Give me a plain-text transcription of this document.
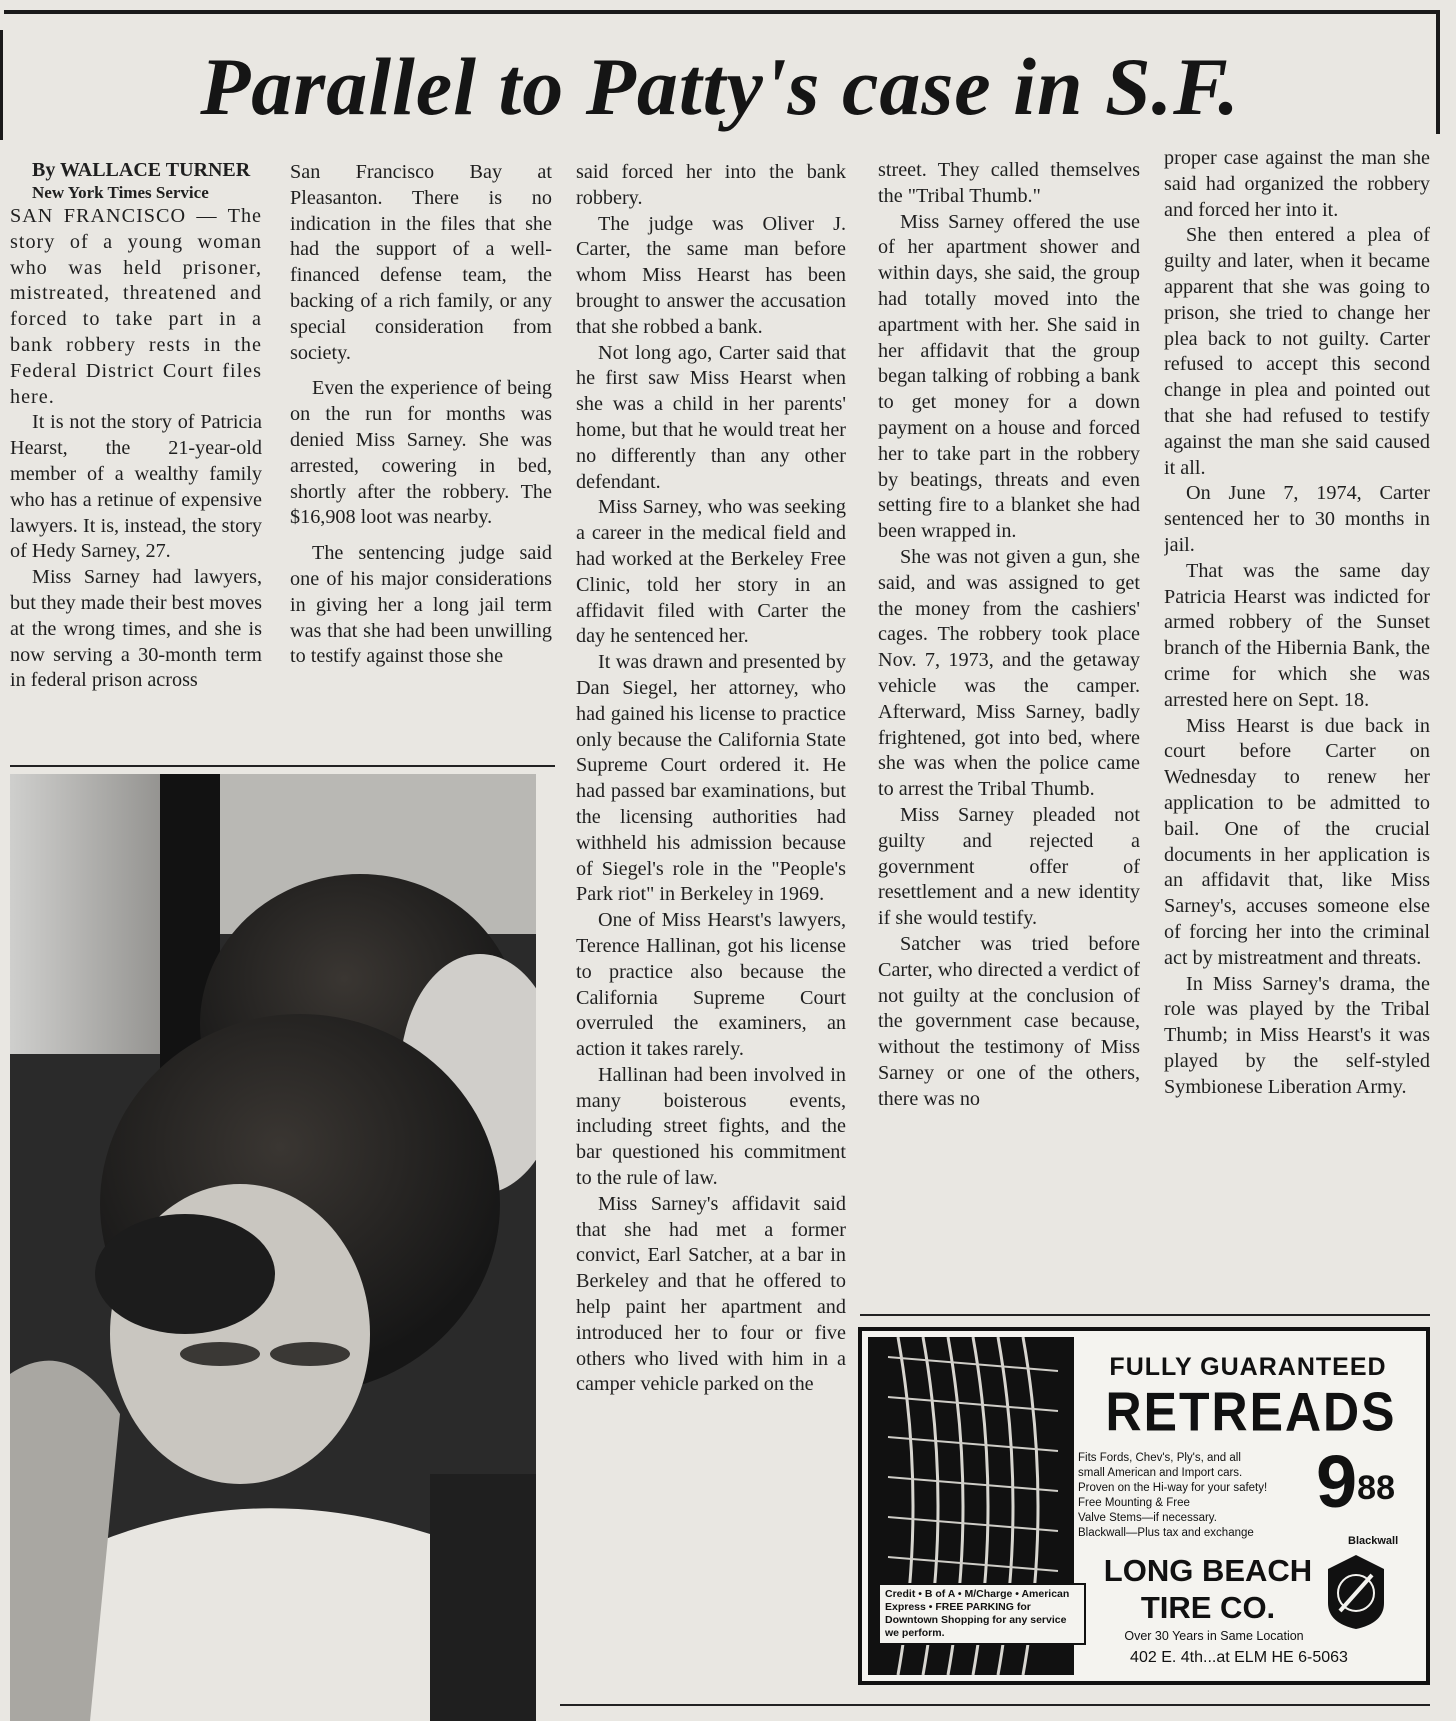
Parallel to Patty's case in S.F.

By WALLACE TURNER

New York Times Service

SAN FRANCISCO — The story of a young woman who was held prisoner, mistreated, threatened and forced to take part in a bank robbery rests in the Federal District Court files here.

It is not the story of Patricia Hearst, the 21-year-old member of a wealthy family who has a retinue of expensive lawyers. It is, instead, the story of Hedy Sarney, 27.

Miss Sarney had lawyers, but they made their best moves at the wrong times, and she is now serving a 30-month term in federal prison across

San Francisco Bay at Pleasanton. There is no indication in the files that she had the support of a well-financed defense team, the backing of a rich family, or any special consideration from society.

Even the experience of being on the run for months was denied Miss Sarney. She was arrested, cowering in bed, shortly after the robbery. The $16,908 loot was nearby.

The sentencing judge said one of his major considerations in giving her a long jail term was that she had been unwilling to testify against those she

said forced her into the bank robbery.

The judge was Oliver J. Carter, the same man before whom Miss Hearst has been brought to answer the accusation that she robbed a bank.

Not long ago, Carter said that he first saw Miss Hearst when she was a child in her parents' home, but that he would treat her no differently than any other defendant.

Miss Sarney, who was seeking a career in the medical field and had worked at the Berkeley Free Clinic, told her story in an affidavit filed with Carter the day he sentenced her.

It was drawn and presented by Dan Siegel, her attorney, who had gained his license to practice only because the California State Supreme Court ordered it. He had passed bar examinations, but the licensing authorities had withheld his admission because of Siegel's role in the "People's Park riot" in Berkeley in 1969.

One of Miss Hearst's lawyers, Terence Hallinan, got his license to practice also because the California Supreme Court overruled the examiners, an action it takes rarely.

Hallinan had been involved in many boisterous events, including street fights, and the bar questioned his commitment to the rule of law.

Miss Sarney's affidavit said that she had met a former convict, Earl Satcher, at a bar in Berkeley and that he offered to help paint her apartment and introduced her to four or five others who lived with him in a camper vehicle parked on the

street. They called themselves the "Tribal Thumb."

Miss Sarney offered the use of her apartment shower and within days, she said, the group had totally moved into the apartment with her. She said in her affidavit that the group began talking of robbing a bank to get money for a down payment on a house and forced her to take part in the robbery by beatings, threats and even setting fire to a blanket she had been wrapped in.

She was not given a gun, she said, and was assigned to get the money from the cashiers' cages. The robbery took place Nov. 7, 1973, and the getaway vehicle was the camper. Afterward, Miss Sarney, badly frightened, got into bed, where she was when the police came to arrest the Tribal Thumb.

Miss Sarney pleaded not guilty and rejected a government offer of resettlement and a new identity if she would testify.

Satcher was tried before Carter, who directed a verdict of not guilty at the conclusion of the government case because, without the testimony of Miss Sarney or one of the others, there was no

proper case against the man she said had organized the robbery and forced her into it.

She then entered a plea of guilty and later, when it became apparent that she was going to prison, she tried to change her plea back to not guilty. Carter refused to accept this second change in plea and pointed out that she had refused to testify against the man she said caused it all.

On June 7, 1974, Carter sentenced her to 30 months in jail.

That was the same day Patricia Hearst was indicted for armed robbery of the Sunset branch of the Hibernia Bank, the crime for which she was arrested here on Sept. 18.

Miss Hearst is due back in court before Carter on Wednesday to renew her application to be admitted to bail. One of the crucial documents in her application is an affidavit that, like Miss Sarney's, accuses someone else of forcing her into the criminal act by mistreatment and threats.

In Miss Sarney's drama, the role was played by the Tribal Thumb; in Miss Hearst's it was played by the self-styled Symbionese Liberation Army.

FULLY GUARANTEED
RETREADS
Fits Fords, Chev's, Ply's, and all
small American and Import cars.
Proven on the Hi-way for your safety!
Free Mounting & Free
Valve Stems—if necessary.
Blackwall—Plus tax and exchange
$9^{88}$
Blackwall
LONG BEACH
TIRE CO.
Credit • B of A • M/Charge • American Express • FREE PARKING for Downtown Shopping for any service we perform.	Over 30 Years in Same Location
402 E. 4th...at ELM HE 6-5063
